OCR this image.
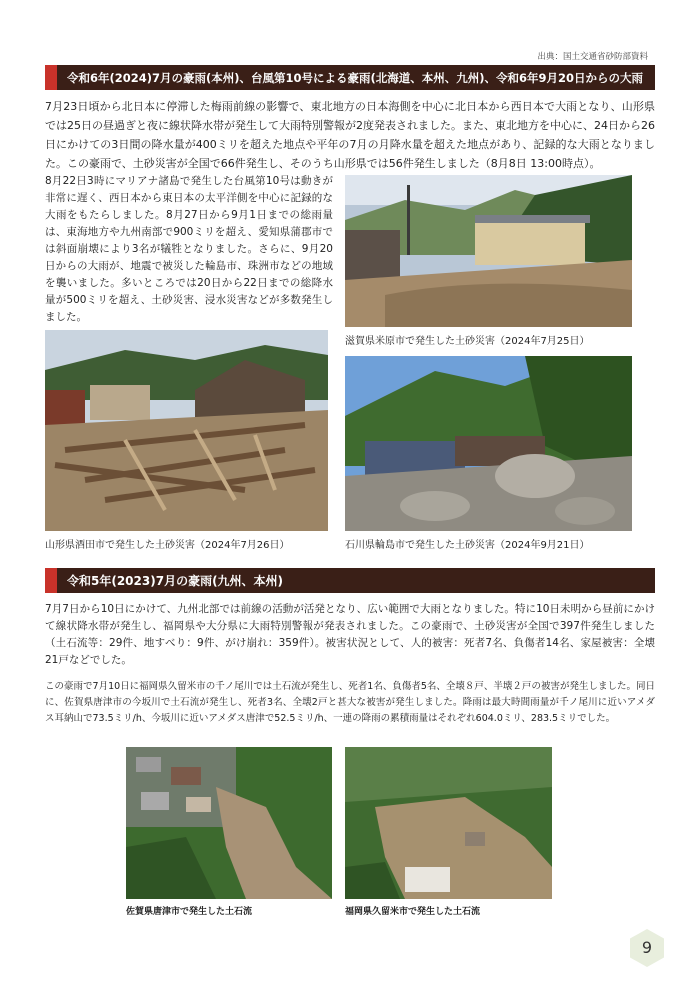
出典：国土交通省砂防部資料
令和6年(2024)7月の豪雨(本州)、台風第10号による豪雨(北海道、本州、九州)、令和6年9月20日からの大雨

7月23日頃から北日本に停滞した梅雨前線の影響で、東北地方の日本海側を中心に北日本から西日本で大雨となり、山形県では25日の昼過ぎと夜に線状降水帯が発生して大雨特別警報が2度発表されました。また、東北地方を中心に、24日から26日にかけての3日間の降水量が400ミリを超えた地点や平年の7月の月降水量を超えた地点があり、記録的な大雨となりました。この豪雨で、土砂災害が全国で66件発生し、そのうち山形県では56件発生しました（8月8日 13:00時点）。

8月22日3時にマリアナ諸島で発生した台風第10号は動きが非常に遅く、西日本から東日本の太平洋側を中心に記録的な大雨をもたらしました。8月27日から9月1日までの総雨量は、東海地方や九州南部で900ミリを超え、愛知県蒲郡市では斜面崩壊により3名が犠牲となりました。さらに、9月20日からの大雨が、地震で被災した輪島市、珠洲市などの地域を襲いました。多いところでは20日から22日までの総降水量が500ミリを超え、土砂災害、浸水災害などが多数発生しました。

滋賀県米原市で発生した土砂災害（2024年7月25日）
山形県酒田市で発生した土砂災害（2024年7月26日）	石川県輪島市で発生した土砂災害（2024年9月21日）
令和5年(2023)7月の豪雨(九州、本州)

7月7日から10日にかけて、九州北部では前線の活動が活発となり、広い範囲で大雨となりました。特に10日未明から昼前にかけて線状降水帯が発生し、福岡県や大分県に大雨特別警報が発表されました。この豪雨で、土砂災害が全国で397件発生しました（土石流等：29件、地すべり：9件、がけ崩れ：359件）。被害状況として、人的被害：死者7名、負傷者14名、家屋被害：全壊21戸などでした。

この豪雨で7月10日に福岡県久留米市の千ノ尾川では土石流が発生し、死者1名、負傷者5名、全壊８戸、半壊２戸の被害が発生しました。同日に、佐賀県唐津市の今坂川で土石流が発生し、死者3名、全壊2戸と甚大な被害が発生しました。降雨は最大時間雨量が千ノ尾川に近いアメダス耳納山で73.5ミリ/h、今坂川に近いアメダス唐津で52.5ミリ/h、一連の降雨の累積雨量はそれぞれ604.0ミリ、283.5ミリでした。

佐賀県唐津市で発生した土石流	福岡県久留米市で発生した土石流
9
